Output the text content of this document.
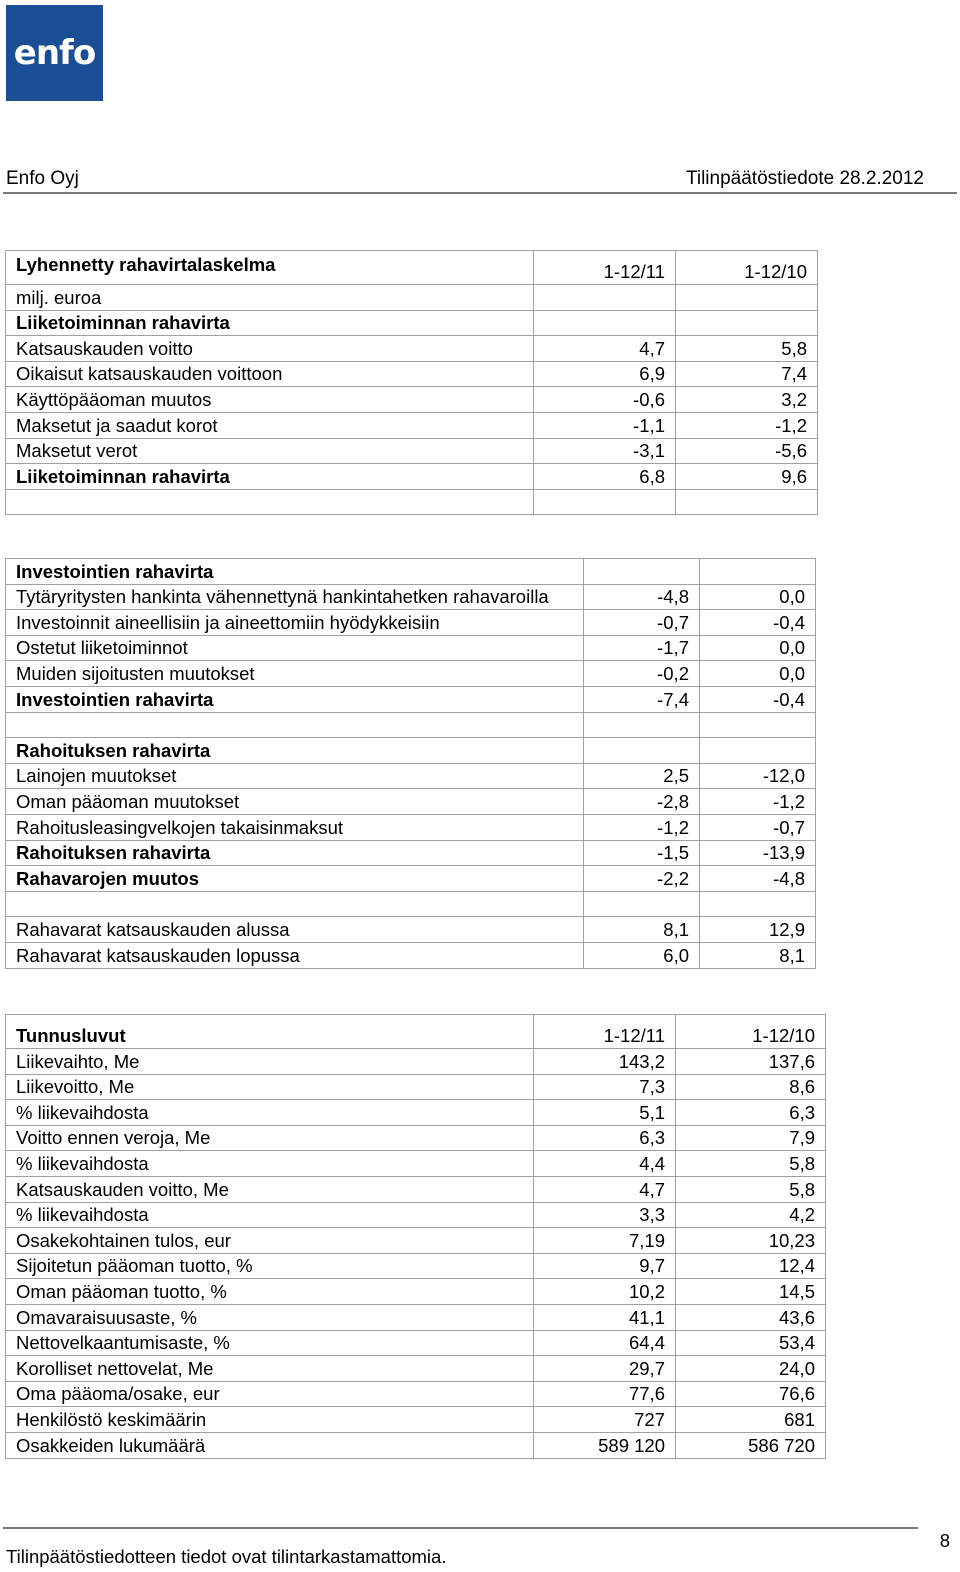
enfo
Enfo Oyj	Tilinpäätöstiedote 28.2.2012
Lyhennetty rahavirtalaskelma	1-12/11	1-12/10
milj. euroa		
Liiketoiminnan rahavirta		
Katsauskauden voitto	4,7	5,8
Oikaisut katsauskauden voittoon	6,9	7,4
Käyttöpääoman muutos	-0,6	3,2
Maksetut ja saadut korot	-1,1	-1,2
Maksetut verot	-3,1	-5,6
Liiketoiminnan rahavirta	6,8	9,6

Investointien rahavirta		
Tytäryritysten hankinta vähennettynä hankintahetken rahavaroilla	-4,8	0,0
Investoinnit aineellisiin ja aineettomiin hyödykkeisiin	-0,7	-0,4
Ostetut liiketoiminnot	-1,7	0,0
Muiden sijoitusten muutokset	-0,2	0,0
Investointien rahavirta	-7,4	-0,4

Rahoituksen rahavirta		
Lainojen muutokset	2,5	-12,0
Oman pääoman muutokset	-2,8	-1,2
Rahoitusleasingvelkojen takaisinmaksut	-1,2	-0,7
Rahoituksen rahavirta	-1,5	-13,9
Rahavarojen muutos	-2,2	-4,8

Rahavarat katsauskauden alussa	8,1	12,9
Rahavarat katsauskauden lopussa	6,0	8,1
Tunnusluvut	1-12/11	1-12/10
Liikevaihto, Me	143,2	137,6
Liikevoitto, Me	7,3	8,6
% liikevaihdosta	5,1	6,3
Voitto ennen veroja, Me	6,3	7,9
% liikevaihdosta	4,4	5,8
Katsauskauden voitto, Me	4,7	5,8
% liikevaihdosta	3,3	4,2
Osakekohtainen tulos, eur	7,19	10,23
Sijoitetun pääoman tuotto, %	9,7	12,4
Oman pääoman tuotto, %	10,2	14,5
Omavaraisuusaste, %	41,1	43,6
Nettovelkaantumisaste, %	64,4	53,4
Korolliset nettovelat, Me	29,7	24,0
Oma pääoma/osake, eur	77,6	76,6
Henkilöstö keskimäärin	727	681
Osakkeiden lukumäärä	589 120	586 720
Tilinpäätöstiedotteen tiedot ovat tilintarkastamattomia.
8
